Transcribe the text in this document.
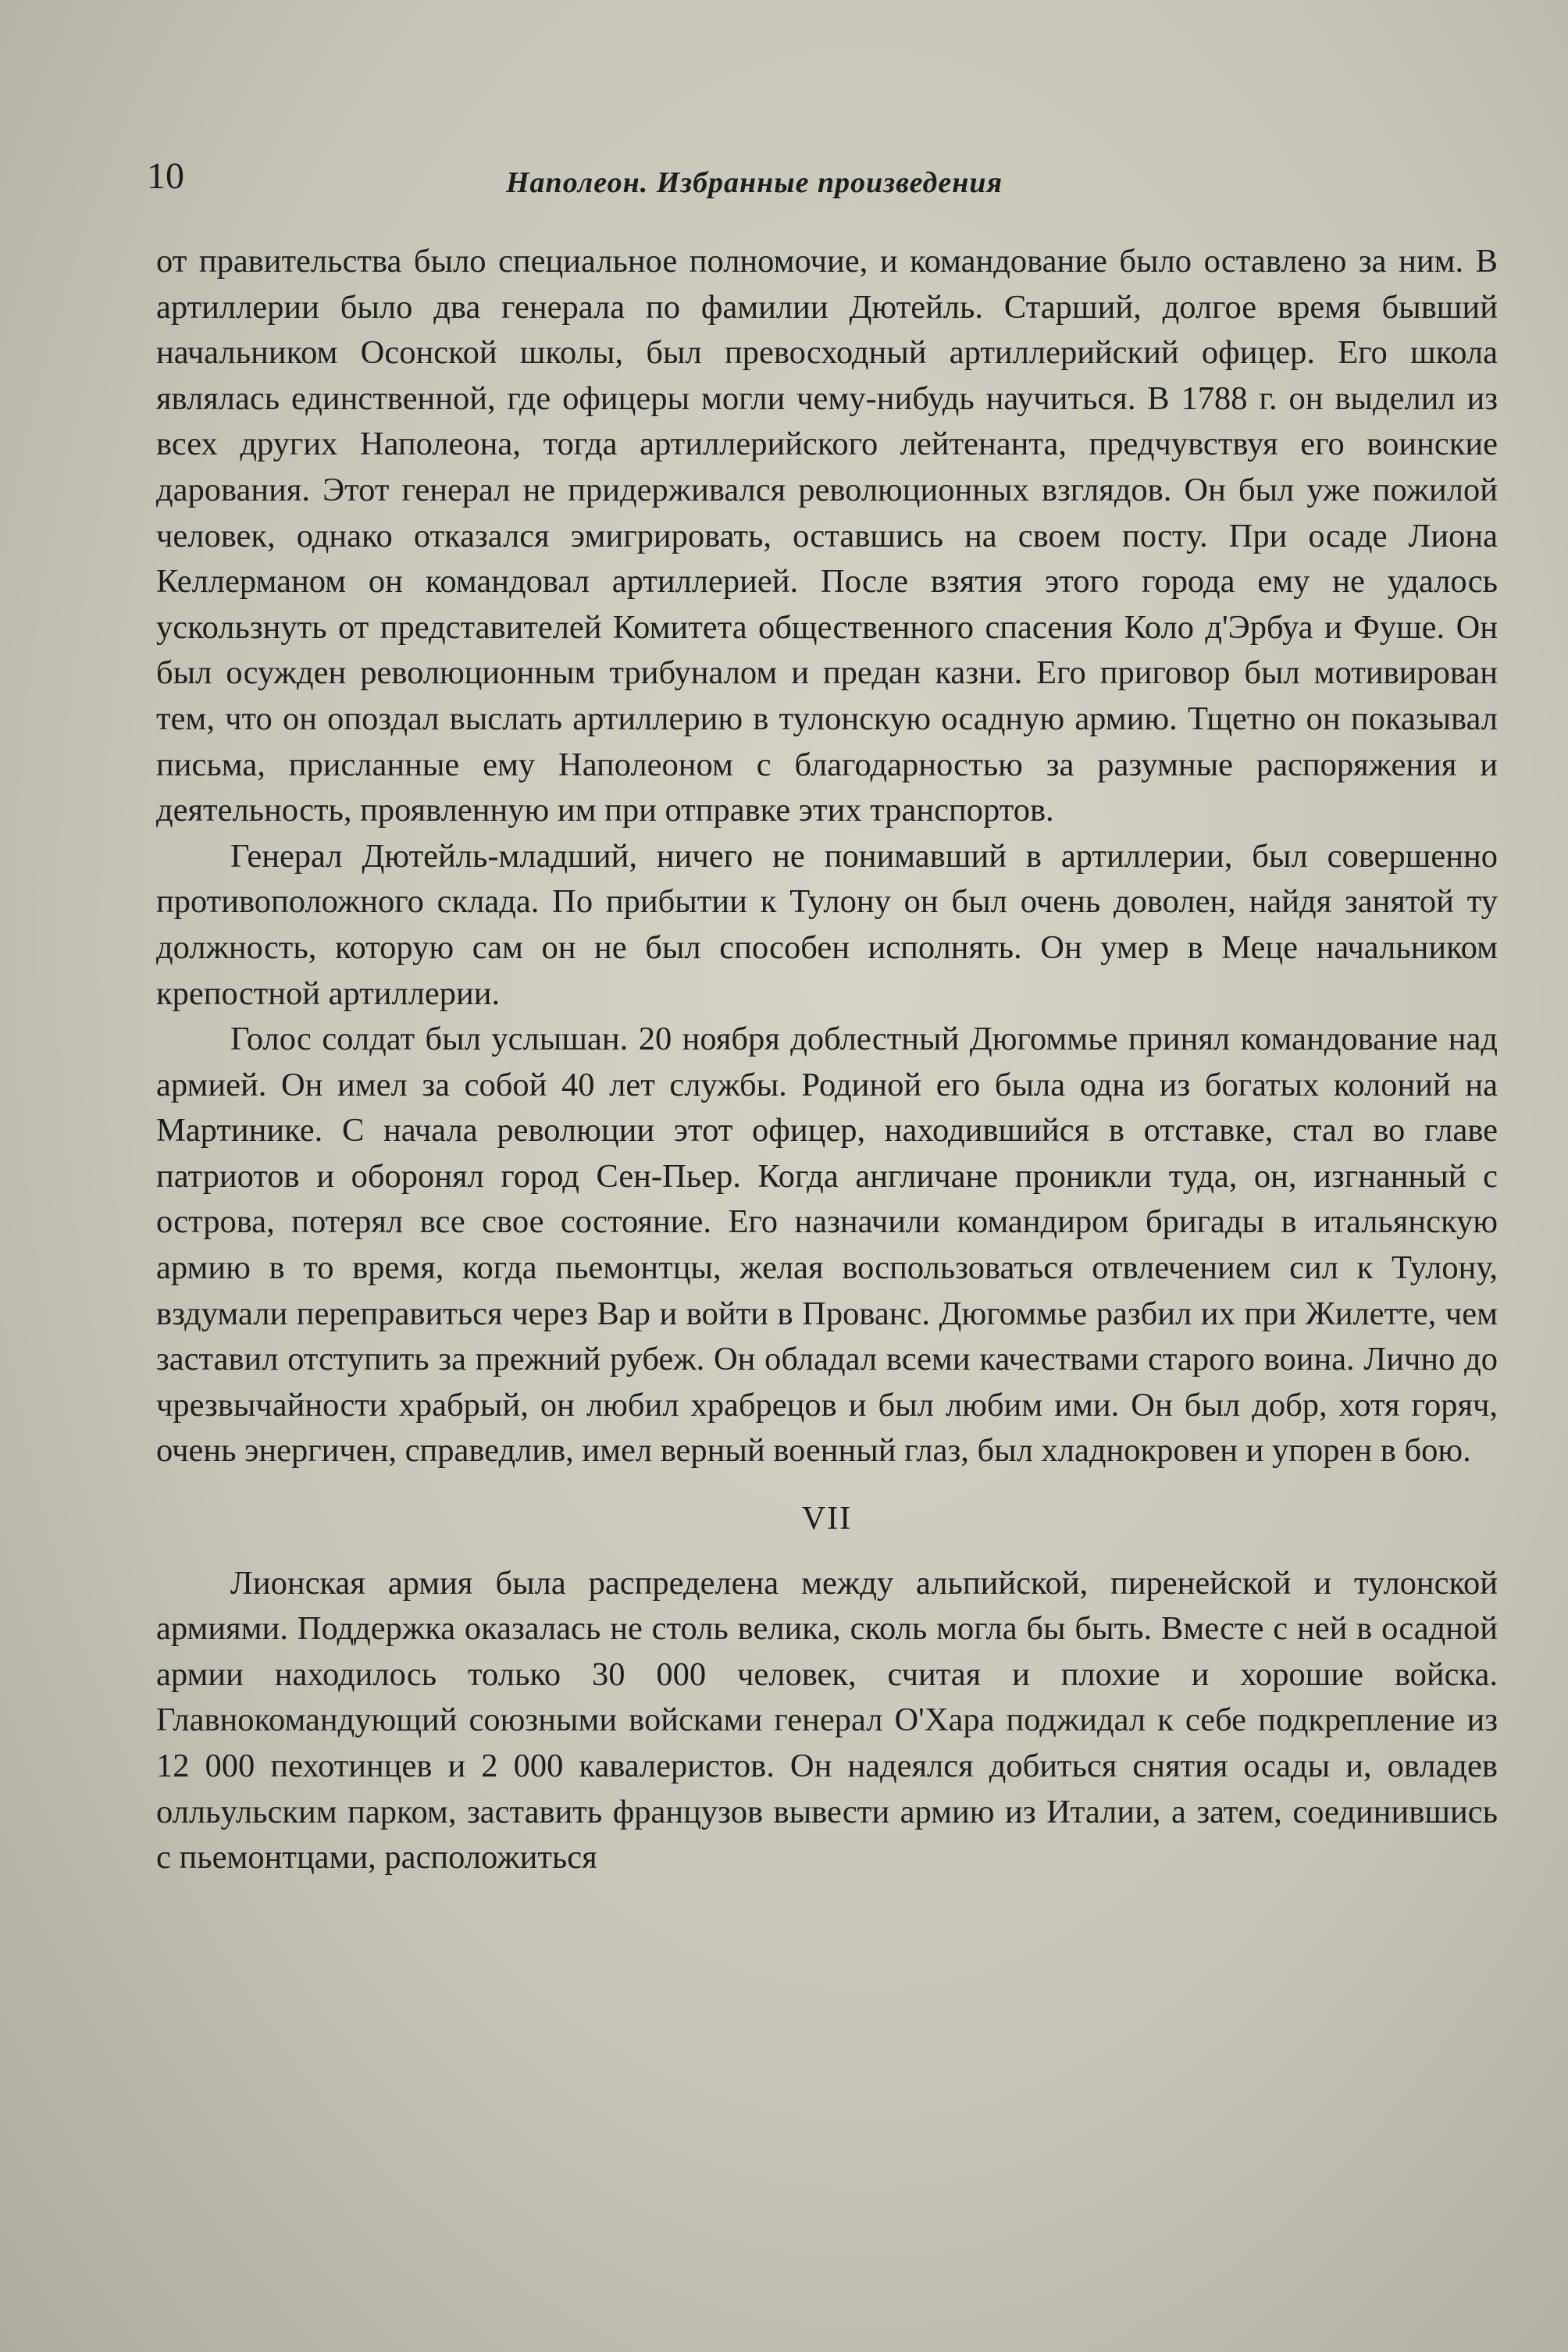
10	Наполеон. Избранные произведения

от правительства было специальное полномочие, и командование было оставлено за ним. В артиллерии было два генерала по фамилии Дютейль. Старший, долгое время бывший начальником Осонской школы, был превосходный артиллерийский офицер. Его школа являлась единственной, где офицеры могли чему-нибудь научиться. В 1788 г. он выделил из всех других Наполеона, тогда артиллерийского лейтенанта, предчувствуя его воинские дарования. Этот генерал не придерживался революционных взглядов. Он был уже пожилой человек, однако отказался эмигрировать, оставшись на своем посту. При осаде Лиона Келлерманом он командовал артиллерией. После взятия этого города ему не удалось ускользнуть от представителей Комитета общественного спасения Коло д'Эрбуа и Фуше. Он был осужден революционным трибуналом и предан казни. Его приговор был мотивирован тем, что он опоздал выслать артиллерию в тулонскую осадную армию. Тщетно он показывал письма, присланные ему Наполеоном с благодарностью за разумные распоряжения и деятельность, проявленную им при отправке этих транспортов.

Генерал Дютейль-младший, ничего не понимавший в артиллерии, был совершенно противоположного склада. По прибытии к Тулону он был очень доволен, найдя занятой ту должность, которую сам он не был способен исполнять. Он умер в Меце начальником крепостной артиллерии.

Голос солдат был услышан. 20 ноября доблестный Дюгоммье принял командование над армией. Он имел за собой 40 лет службы. Родиной его была одна из богатых колоний на Мартинике. С начала революции этот офицер, находившийся в отставке, стал во главе патриотов и оборонял город Сен-Пьер. Когда англичане проникли туда, он, изгнанный с острова, потерял все свое состояние. Его назначили командиром бригады в итальянскую армию в то время, когда пьемонтцы, желая воспользоваться отвлечением сил к Тулону, вздумали переправиться через Вар и войти в Прованс. Дюгоммье разбил их при Жилетте, чем заставил отступить за прежний рубеж. Он обладал всеми качествами старого воина. Лично до чрезвычайности храбрый, он любил храбрецов и был любим ими. Он был добр, хотя горяч, очень энергичен, справедлив, имел верный военный глаз, был хладнокровен и упорен в бою.

VII

Лионская армия была распределена между альпийской, пиренейской и тулонской армиями. Поддержка оказалась не столь велика, сколь могла бы быть. Вместе с ней в осадной армии находилось только 30 000 человек, считая и плохие и хорошие войска. Главнокомандующий союзными войсками генерал О'Хара поджидал к себе подкрепление из 12 000 пехотинцев и 2 000 кавалеристов. Он надеялся добиться снятия осады и, овладев олльульским парком, заставить французов вывести армию из Италии, а затем, соединившись с пьемонтцами, расположиться
